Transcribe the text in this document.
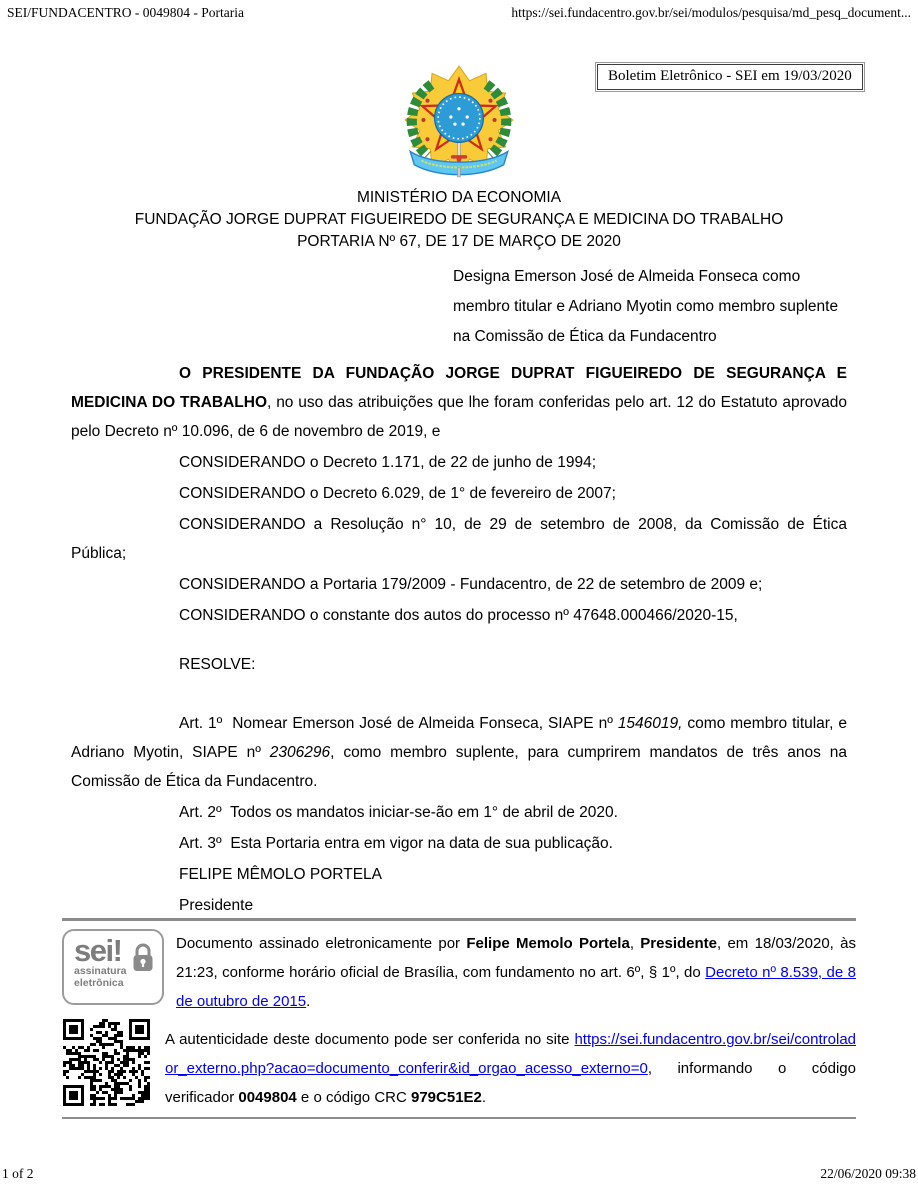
SEI/FUNDACENTRO - 0049804 - Portaria	https://sei.fundacentro.gov.br/sei/modulos/pesquisa/md_pesq_document...
Boletim Eletrônico - SEI em 19/03/2020
MINISTÉRIO DA ECONOMIA
FUNDAÇÃO JORGE DUPRAT FIGUEIREDO DE SEGURANÇA E MEDICINA DO TRABALHO
PORTARIA Nº 67, DE 17 DE MARÇO DE 2020
Designa Emerson José de Almeida Fonseca como membro titular e Adriano Myotin como membro suplente na Comissão de Ética da Fundacentro

O PRESIDENTE DA FUNDAÇÃO JORGE DUPRAT FIGUEIREDO DE SEGURANÇA E MEDICINA DO TRABALHO, no uso das atribuições que lhe foram conferidas pelo art. 12 do Estatuto aprovado pelo Decreto nº 10.096, de 6 de novembro de 2019, e

CONSIDERANDO o Decreto 1.171, de 22 de junho de 1994;

CONSIDERANDO o Decreto 6.029, de 1° de fevereiro de 2007;

CONSIDERANDO a Resolução n° 10, de 29 de setembro de 2008, da Comissão de Ética Pública;

CONSIDERANDO a Portaria 179/2009 - Fundacentro, de 22 de setembro de 2009 e;

CONSIDERANDO o constante dos autos do processo nº 47648.000466/2020-15,

RESOLVE:

Art. 1º  Nomear Emerson José de Almeida Fonseca, SIAPE nº 1546019, como membro titular, e Adriano Myotin, SIAPE nº 2306296, como membro suplente, para cumprirem mandatos de três anos na Comissão de Ética da Fundacentro.

Art. 2º  Todos os mandatos iniciar-se-ão em 1° de abril de 2020.

Art. 3º  Esta Portaria entra em vigor na data de sua publicação.

FELIPE MÊMOLO PORTELA

Presidente

sei!
assinatura
eletrônica
Documento assinado eletronicamente por Felipe Memolo Portela, Presidente, em 18/03/2020, às 21:23, conforme horário oficial de Brasília, com fundamento no art. 6º, § 1º, do Decreto nº 8.539, de 8 de outubro de 2015.
A autenticidade deste documento pode ser conferida no site https://sei.fundacentro.gov.br/sei/controlador_externo.php?acao=documento_conferir&id_orgao_acesso_externo=0, informando o código verificador 0049804 e o código CRC 979C51E2.
1 of 2	22/06/2020 09:38
